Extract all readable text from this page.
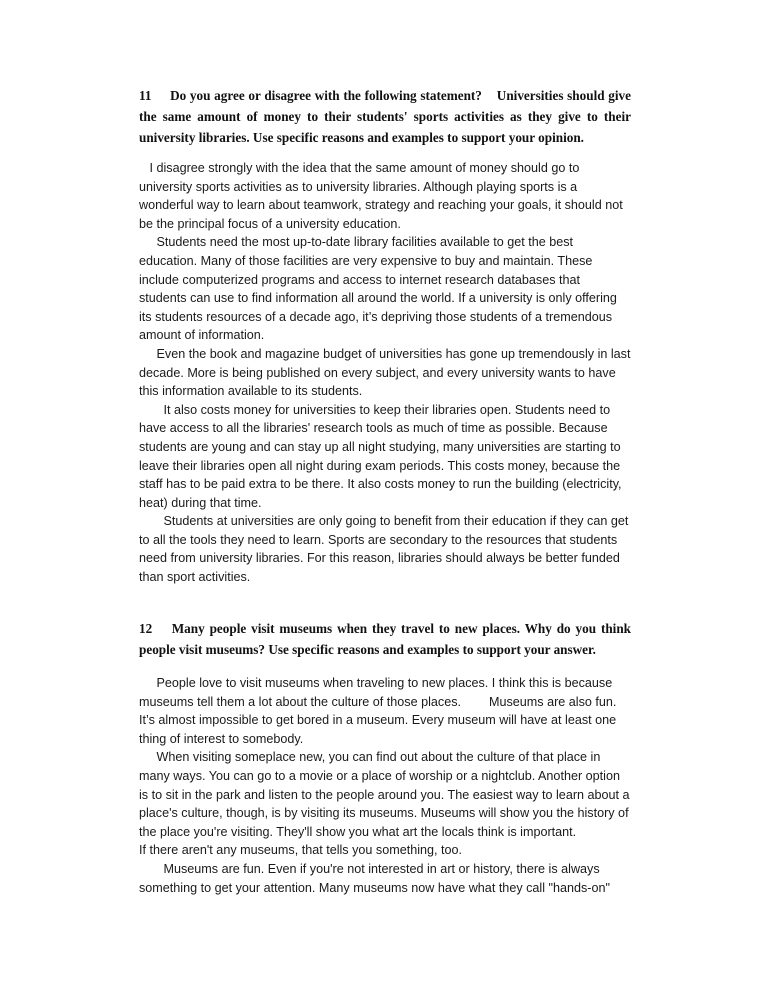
11     Do you agree or disagree with the following statement?    Universities should give the same amount of money to their students' sports activities as they give to their university libraries. Use specific reasons and examples to support your opinion.

I disagree strongly with the idea that the same amount of money should go to university sports activities as to university libraries. Although playing sports is a wonderful way to learn about teamwork, strategy and reaching your goals, it should not be the principal focus of a university education.

Students need the most up-to-date library facilities available to get the best education. Many of those facilities are very expensive to buy and maintain. These include computerized programs and access to internet research databases that students can use to find information all around the world. If a university is only offering its students resources of a decade ago, it’s depriving those students of a tremendous amount of information.

Even the book and magazine budget of universities has gone up tremendously in last decade. More is being published on every subject, and every university wants to have this information available to its students.

It also costs money for universities to keep their libraries open. Students need to have access to all the libraries' research tools as much of time as possible. Because students are young and can stay up all night studying, many universities are starting to leave their libraries open all night during exam periods. This costs money, because the staff has to be paid extra to be there. It also costs money to run the building (electricity, heat) during that time.

Students at universities are only going to benefit from their education if they can get to all the tools they need to learn. Sports are secondary to the resources that students need from university libraries. For this reason, libraries should always be better funded than sport activities.

12    Many people visit museums when they travel to new places. Why do you think people visit museums? Use specific reasons and examples to support your answer.

People love to visit museums when traveling to new places. I think this is because museums tell them a lot about the culture of those places.        Museums are also fun. It’s almost impossible to get bored in a museum. Every museum will have at least one thing of interest to somebody.

When visiting someplace new, you can find out about the culture of that place in many ways. You can go to a movie or a place of worship or a nightclub. Another option is to sit in the park and listen to the people around you. The easiest way to learn about a place's culture, though, is by visiting its museums. Museums will show you the history of the place you're visiting. They'll show you what art the locals think is important.

If there aren't any museums, that tells you something, too.

Museums are fun. Even if you're not interested in art or history, there is always something to get your attention. Many museums now have what they call "hands-on"
